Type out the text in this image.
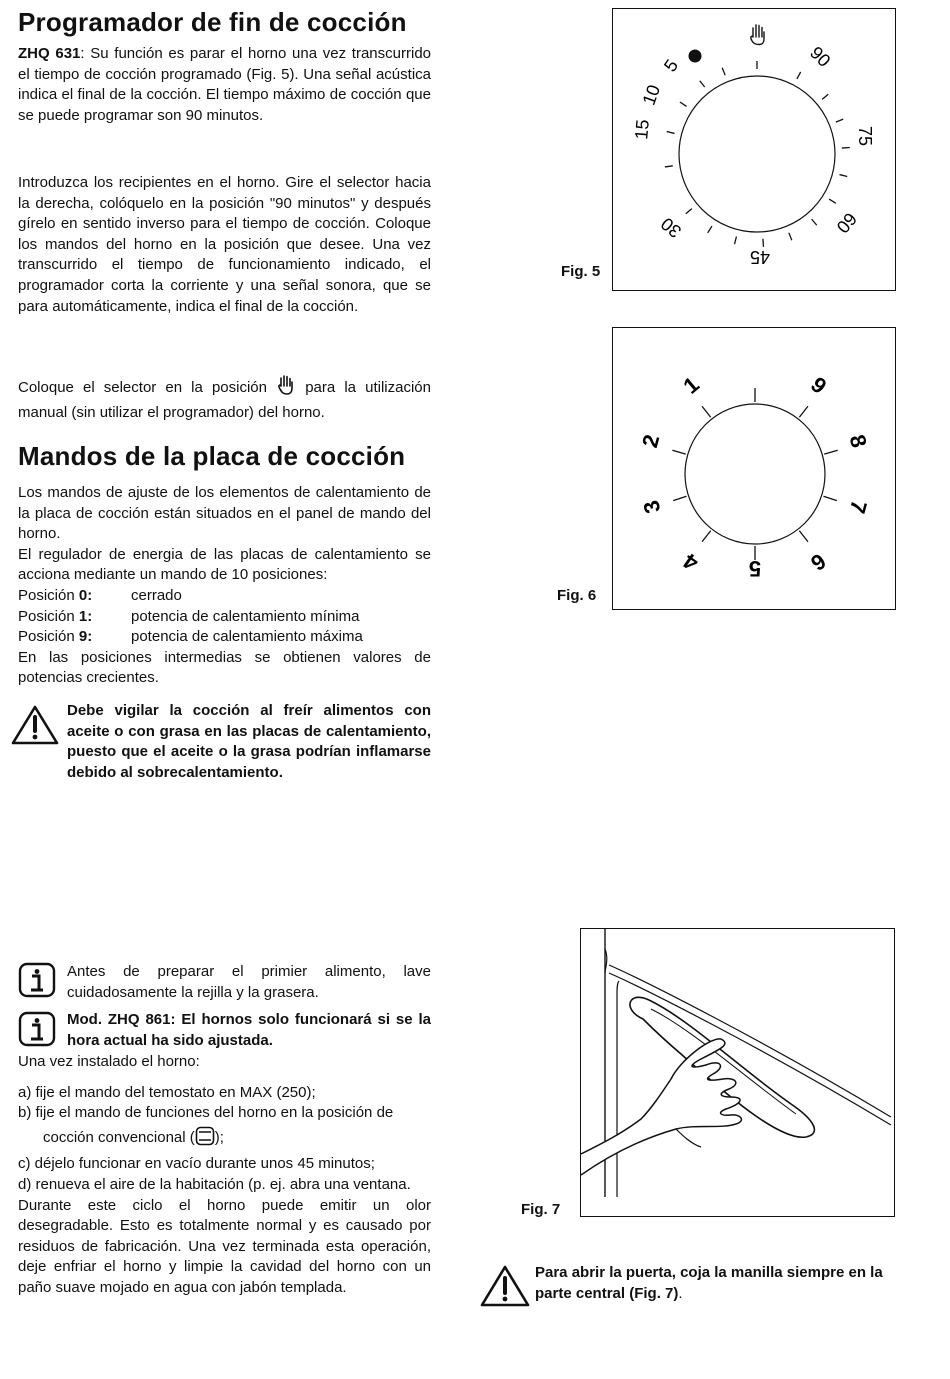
Programador de fin de cocción

ZHQ 631: Su función es parar el horno una vez transcurrido el tiempo de cocción programado (Fig. 5). Una señal acústica indica el final de la cocción. El tiempo máximo de cocción que se puede programar son 90 minutos.

Introduzca los recipientes en el horno. Gire el selector hacia la derecha, colóquelo en la posición "90 minutos" y después gírelo en sentido inverso para el tiempo de cocción. Coloque los mandos del horno en la posición que desee. Una vez transcurrido el tiempo de funcionamiento indicado, el programador corta la corriente y una señal sonora, que se para automáticamente, indica el final de la cocción.
Coloque el selector en la posición	para la utilización manual (sin utilizar el programador) del horno.
Mandos de la placa de cocción

Los mandos de ajuste de los elementos de calentamiento de la placa de cocción están situados en el panel de mando del horno.

El regulador de energia de las placas de calentamiento se acciona mediante un mando de 10 posiciones:

Posición 0:	cerrado
Posición 1:	potencia de calentamiento mínima
Posición 9:	potencia de calentamiento máxima

En las posiciones intermedias se obtienen valores de potencias crecientes.

Debe vigilar la cocción al freír alimentos con aceite o con grasa en las placas de calentamiento, puesto que el aceite o la grasa podrían inflamarse debido al sobrecalentamiento.
Antes de preparar el primier alimento, lave cuidadosamente la rejilla y la grasera.
Mod. ZHQ 861: El hornos solo funcionará si se la hora actual ha sido ajustada.

Una vez instalado el horno:

a) fije el mando del temostato en MAX (250);

b) fije el mando de funciones del horno en la posición de

cocción convencional ( );

c) déjelo funcionar en vacío durante unos 45 minutos;

d) renueva el aire de la habitación (p. ej. abra una ventana.

Durante este ciclo el horno puede emitir un olor desegradable. Esto es totalmente normal y es causado por residuos de fabricación. Una vez terminada esta operación, deje enfriar el horno y limpie la cavidad del horno con un paño suave mojado en agua con jabón templada.

5
10
15
30
45
60
75
90
Fig. 5
1
2
3
4 5 6
7
8
9
Fig. 6
Fig. 7
Para abrir la puerta, coja la manilla siempre en la parte central (Fig. 7).
